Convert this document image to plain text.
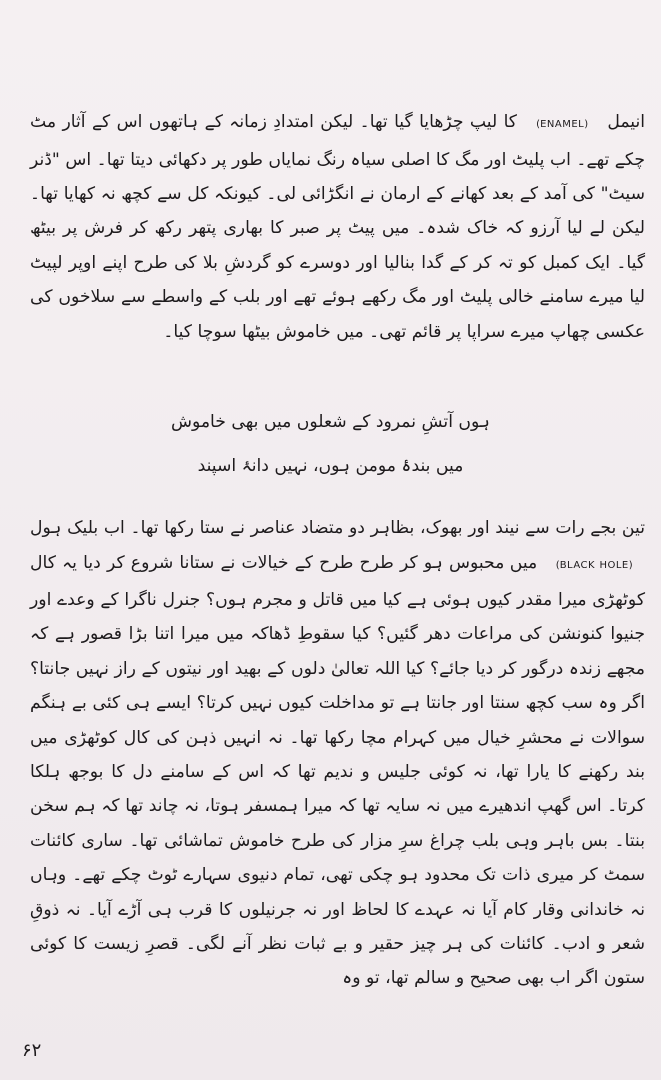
انیمل   (ENAMEL)   کا لیپ چڑھایا گیا تھا۔ لیکن امتدادِ زمانہ کے ہاتھوں اس کے آثار مٹ چکے تھے۔ اب پلیٹ اور مگ کا اصلی سیاہ رنگ نمایاں طور پر دکھائی دیتا تھا۔ اس "ڈنر سیٹ" کی آمد کے بعد کھانے کے ارمان نے انگڑائی لی۔ کیونکہ کل سے کچھ نہ کھایا تھا۔ لیکن لے لیا آرزو کہ خاک شدہ۔ میں پیٹ پر صبر کا بھاری پتھر رکھ کر فرش پر بیٹھ گیا۔ ایک کمبل کو تہ کر کے گدا بنالیا اور دوسرے کو گردشِ بلا کی طرح اپنے اوپر لپیٹ لیا میرے سامنے خالی پلیٹ اور مگ رکھے ہوئے تھے اور بلب کے واسطے سے سلاخوں کی عکسی چھاپ میرے سراپا پر قائم تھی۔ میں خاموش بیٹھا سوچا کیا۔

ہوں آتشِ نمرود کے شعلوں میں بھی خاموش
میں بندۂ مومن ہوں، نہیں دانۂ اسپند

تین بجے رات سے نیند اور بھوک، بظاہر دو متضاد عناصر نے ستا رکھا تھا۔ اب بلیک ہول   (BLACK HOLE)   میں محبوس ہو کر طرح طرح کے خیالات نے ستانا شروع کر دیا یہ کال کوٹھڑی میرا مقدر کیوں ہوئی ہے کیا میں قاتل و مجرم ہوں؟ جنرل ناگرا کے وعدے اور جنیوا کنونشن کی مراعات دھر گئیں؟ کیا سقوطِ ڈھاکہ میں میرا اتنا بڑا قصور ہے کہ مجھے زندہ درگور کر دیا جائے؟ کیا اللہ تعالیٰ دلوں کے بھید اور نیتوں کے راز نہیں جانتا؟ اگر وہ سب کچھ سنتا اور جانتا ہے تو مداخلت کیوں نہیں کرتا؟ ایسے ہی کئی بے ہنگم سوالات نے محشرِ خیال میں کہرام مچا رکھا تھا۔ نہ انہیں ذہن کی کال کوٹھڑی میں بند رکھنے کا یارا تھا، نہ کوئی جلیس و ندیم تھا کہ اس کے سامنے دل کا بوجھ ہلکا کرتا۔ اس گھپ اندھیرے میں نہ سایہ تھا کہ میرا ہمسفر ہوتا، نہ چاند تھا کہ ہم سخن بنتا۔ بس باہر وہی بلب چراغ سرِ مزار کی طرح خاموش تماشائی تھا۔ ساری کائنات سمٹ کر میری ذات تک محدود ہو چکی تھی، تمام دنیوی سہارے ٹوٹ چکے تھے۔ وہاں نہ خاندانی وقار کام آیا نہ عہدے کا لحاظ اور نہ جرنیلوں کا قرب ہی آڑے آیا۔ نہ ذوقِ شعر و ادب۔ کائنات کی ہر چیز حقیر و بے ثبات نظر آنے لگی۔ قصرِ زیست کا کوئی ستون اگر اب بھی صحیح و سالم تھا، تو وہ

۶۲
